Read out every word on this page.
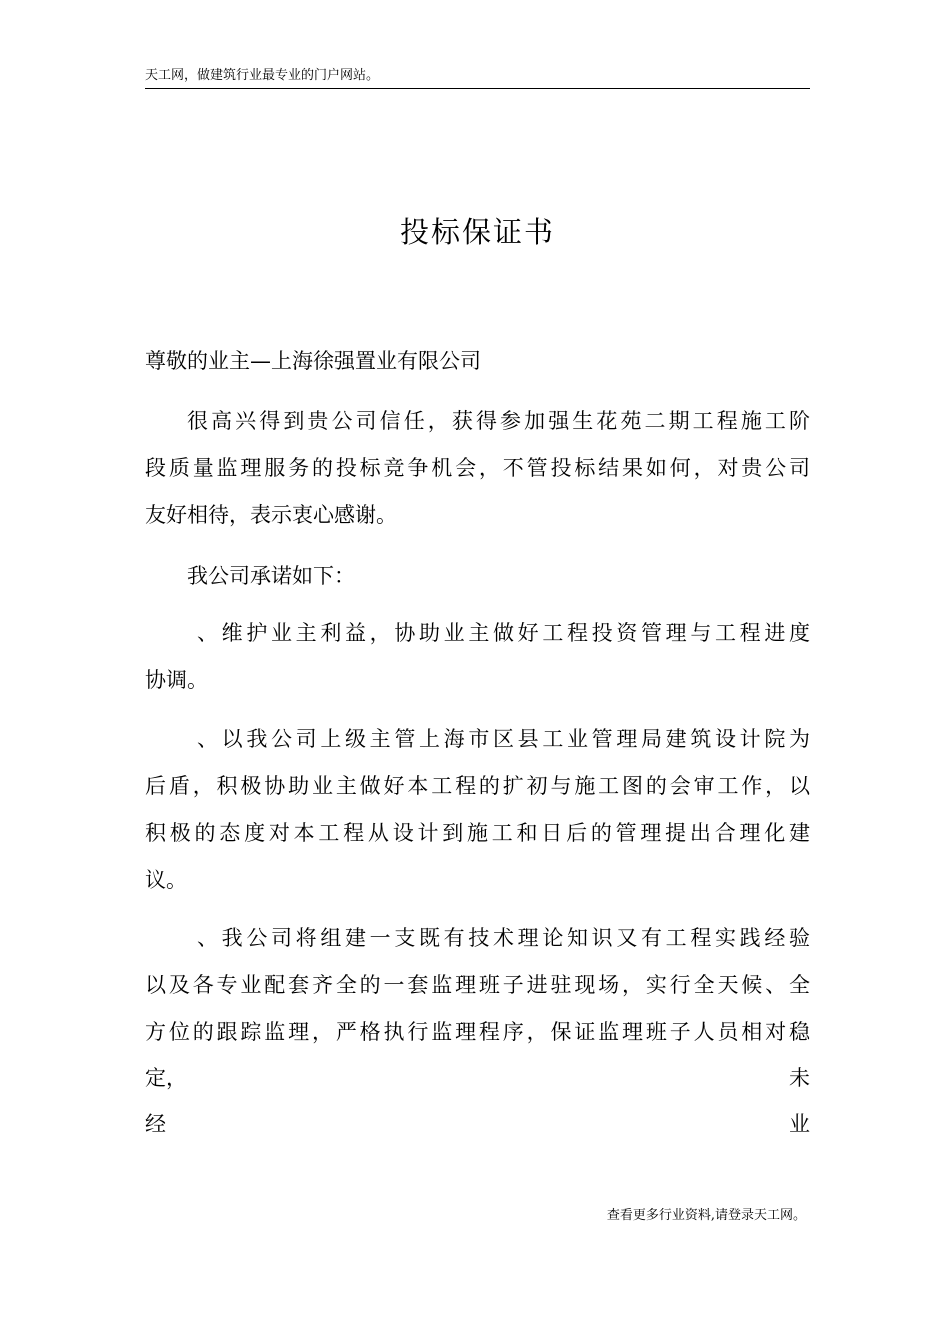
天工网，做建筑行业最专业的门户网站。
投标保证书
尊敬的业主—上海徐强置业有限公司
很高兴得到贵公司信任，获得参加强生花苑二期工程施工阶
段质量监理服务的投标竞争机会，不管投标结果如何，对贵公司
友好相待，表示衷心感谢。
我公司承诺如下：
、维护业主利益，协助业主做好工程投资管理与工程进度
协调。
、以我公司上级主管上海市区县工业管理局建筑设计院为
后盾，积极协助业主做好本工程的扩初与施工图的会审工作，以
积极的态度对本工程从设计到施工和日后的管理提出合理化建
议。
、我公司将组建一支既有技术理论知识又有工程实践经验
以及各专业配套齐全的一套监理班子进驻现场，实行全天候、全
方位的跟踪监理，严格执行监理程序，保证监理班子人员相对稳
定，	未
经	业
查看更多行业资料,请登录天工网。
